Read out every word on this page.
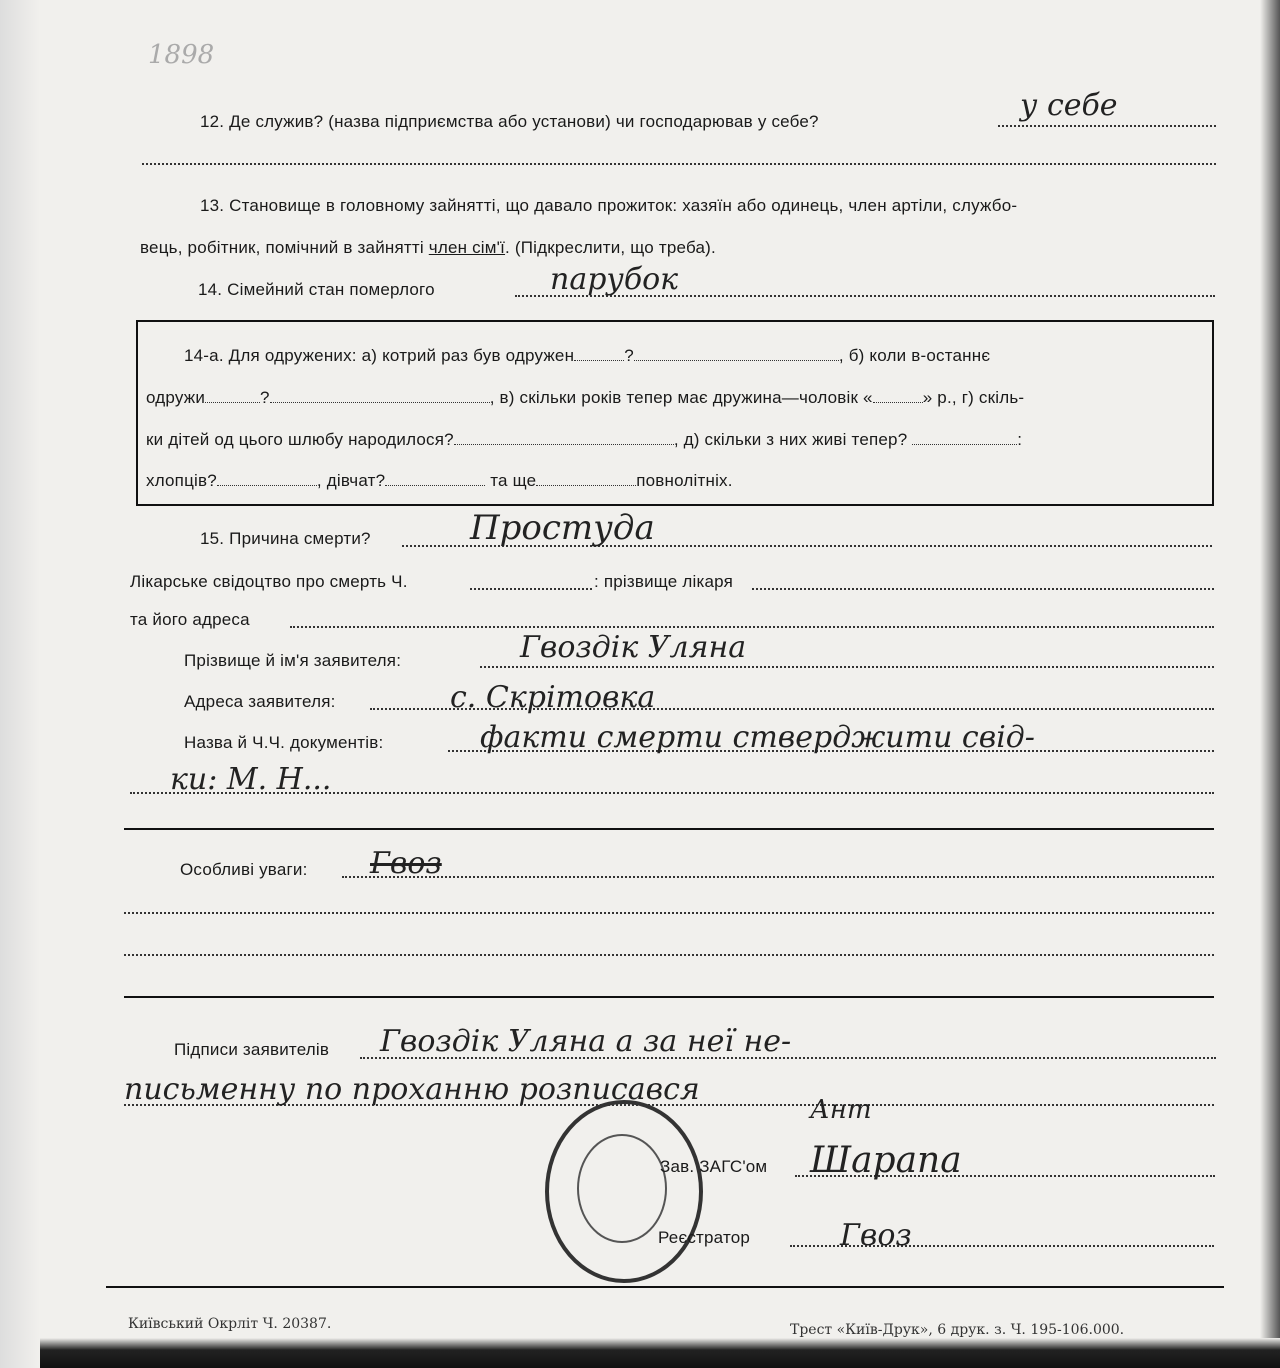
1898
12. Де служив? (назва підприємства або установи) чи господарював у себе?	у себе
13. Становище в головному зайнятті, що давало прожиток: хазяїн або одинець, член артіли, службо-
вець, робітник, помічний в зайнятті член сім'ї. (Підкреслити, що треба).
14. Сімейний стан померлого	парубок
14-а. Для одружених: а) котрий раз був одружен	?	, б) коли в-останнє
одружи	?	, в) скільки років тепер має дружина—чоловік «	» р., г) скіль-
ки дітей од цього шлюбу народилося?	, д) скільки з них живі тепер?	:
хлопців?	, дівчат?	та ще	повнолітніх.
15. Причина смерти?	Простуда
Лікарське свідоцтво про смерть Ч.	: прізвище лікаря
та його адреса
Прізвище й ім'я заявителя:	Гвоздік Уляна
Адреса заявителя:	с. Скрітовка
Назва й Ч.Ч. документів:	факти смерти стверджити свід-
ки: М. Н...
Особливі уваги: Гвоз
Підписи заявителів Гвоздік Уляна а за неї не-
письменну по проханню розписався
Ант
Зав. ЗАГС'ом Шарапа
Реєстратор	Гвоз
Київський Окрліт Ч. 20387.	Трест «Київ-Друк», 6 друк. з. Ч. 195-106.000.
